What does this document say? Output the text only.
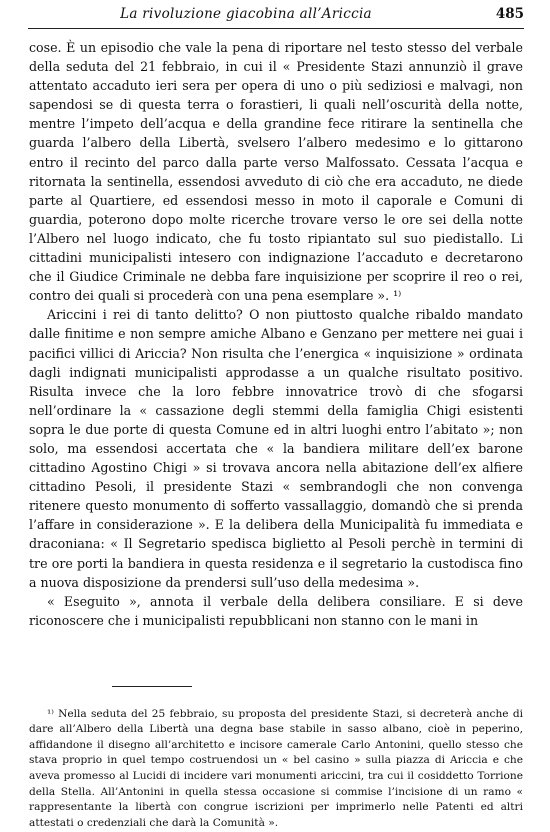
La rivoluzione giacobina all’Ariccia	485

cose. È un episodio che vale la pena di riportare nel testo stesso del verbale della seduta del 21 febbraio, in cui il « Presidente Stazi annunziò il grave attentato accaduto ieri sera per opera di uno o più sediziosi e malvagi, non sapendosi se di questa terra o forastieri, li quali nell’oscurità della notte, mentre l’impeto dell’acqua e della grandine fece ritirare la sentinella che guarda l’albero della Libertà, svelsero l’albero medesimo e lo gittarono entro il recinto del parco dalla parte verso Malfossato. Cessata l’acqua e ritornata la sentinella, essendosi avveduto di ciò che era accaduto, ne diede parte al Quartiere, ed essendosi messo in moto il caporale e Comuni di guardia, poterono dopo molte ricerche trovare verso le ore sei della notte l’Albero nel luogo indicato, che fu tosto ripiantato sul suo piedistallo. Li cittadini municipalisti intesero con indignazione l’accaduto e decretarono che il Giudice Criminale ne debba fare inquisizione per scoprire il reo o rei, contro dei quali si procederà con una pena esemplare ». ¹⁾

Ariccini i rei di tanto delitto? O non piuttosto qualche ribaldo mandato dalle finitime e non sempre amiche Albano e Genzano per mettere nei guai i pacifici villici di Ariccia? Non risulta che l’energica « inquisizione » ordinata dagli indignati municipalisti approdasse a un qualche risultato positivo. Risulta invece che la loro febbre innovatrice trovò di che sfogarsi nell’ordinare la « cassazione degli stemmi della famiglia Chigi esistenti sopra le due porte di questa Comune ed in altri luoghi entro l’abitato »; non solo, ma essendosi accertata che « la bandiera militare dell’ex barone cittadino Agostino Chigi » si trovava ancora nella abitazione dell’ex alfiere cittadino Pesoli, il presidente Stazi « sembrandogli che non convenga ritenere questo monumento di sofferto vassallaggio, domandò che si prenda l’affare in considerazione ». E la delibera della Municipalità fu immediata e draconiana: « Il Segretario spedisca biglietto al Pesoli perchè in termini di tre ore porti la bandiera in questa residenza e il segretario la custodisca fino a nuova disposizione da prendersi sull’uso della medesima ».

« Eseguito », annota il verbale della delibera consiliare. E si deve riconoscere che i municipalisti repubblicani non stanno con le mani in

¹⁾ Nella seduta del 25 febbraio, su proposta del presidente Stazi, si decreterà anche di dare all’Albero della Libertà una degna base stabile in sasso albano, cioè in peperino, affidandone il disegno all’architetto e incisore camerale Carlo Antonini, quello stesso che stava proprio in quel tempo costruendosi un « bel casino » sulla piazza di Ariccia e che aveva promesso al Lucidi di incidere vari monumenti ariccini, tra cui il cosiddetto Torrione della Stella. All’Antonini in quella stessa occasione si commise l’incisione di un ramo « rappresentante la libertà con congrue iscrizioni per imprimerlo nelle Patenti ed altri attestati o credenziali che darà la Comunità ».
